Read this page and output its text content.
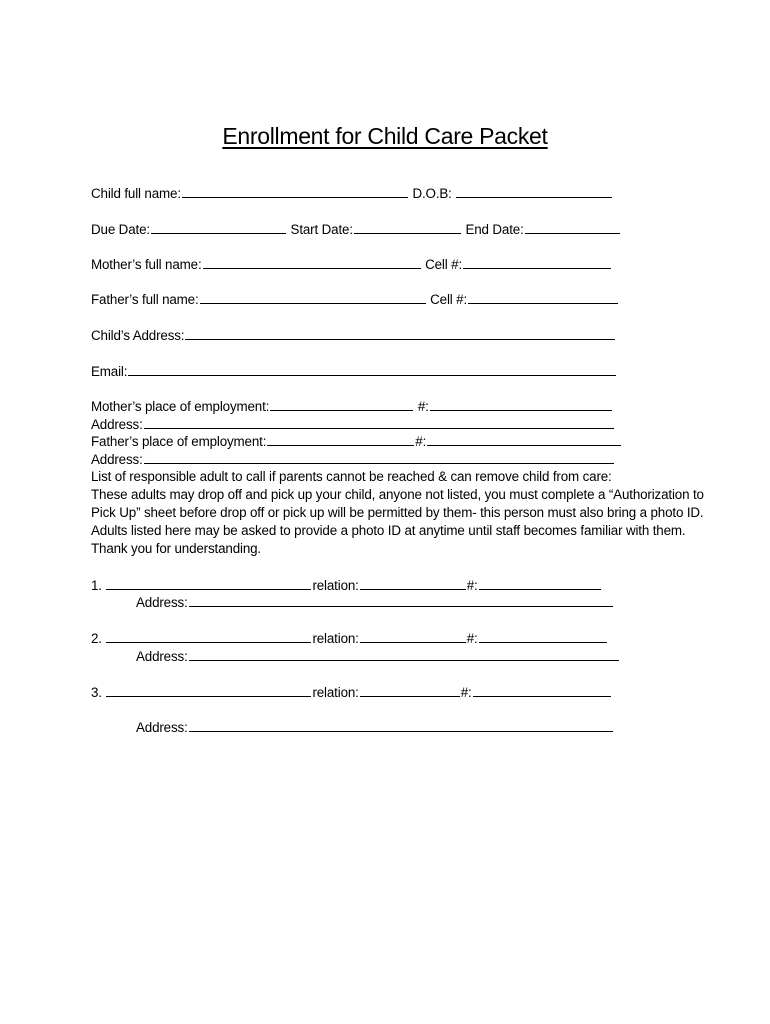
Enrollment for Child Care Packet
Child full name:	D.O.B:
Due Date:	Start Date:	End Date:
Mother’s full name:	Cell #:
Father’s full name:	Cell #:
Child’s Address:
Email:
Mother’s place of employment:	#:
Address:
Father’s place of employment:	#:
Address:
List of responsible adult to call if parents cannot be reached & can remove child from care:
These adults may drop off and pick up your child, anyone not listed, you must complete a “Authorization to
Pick Up” sheet before drop off or pick up will be permitted by them- this person must also bring a photo ID.
Adults listed here may be asked to provide a photo ID at anytime until staff becomes familiar with them.
Thank you for understanding.
1.	relation:	#:
Address:
2.	relation:	#:
Address:
3.	relation:	#:
Address:
